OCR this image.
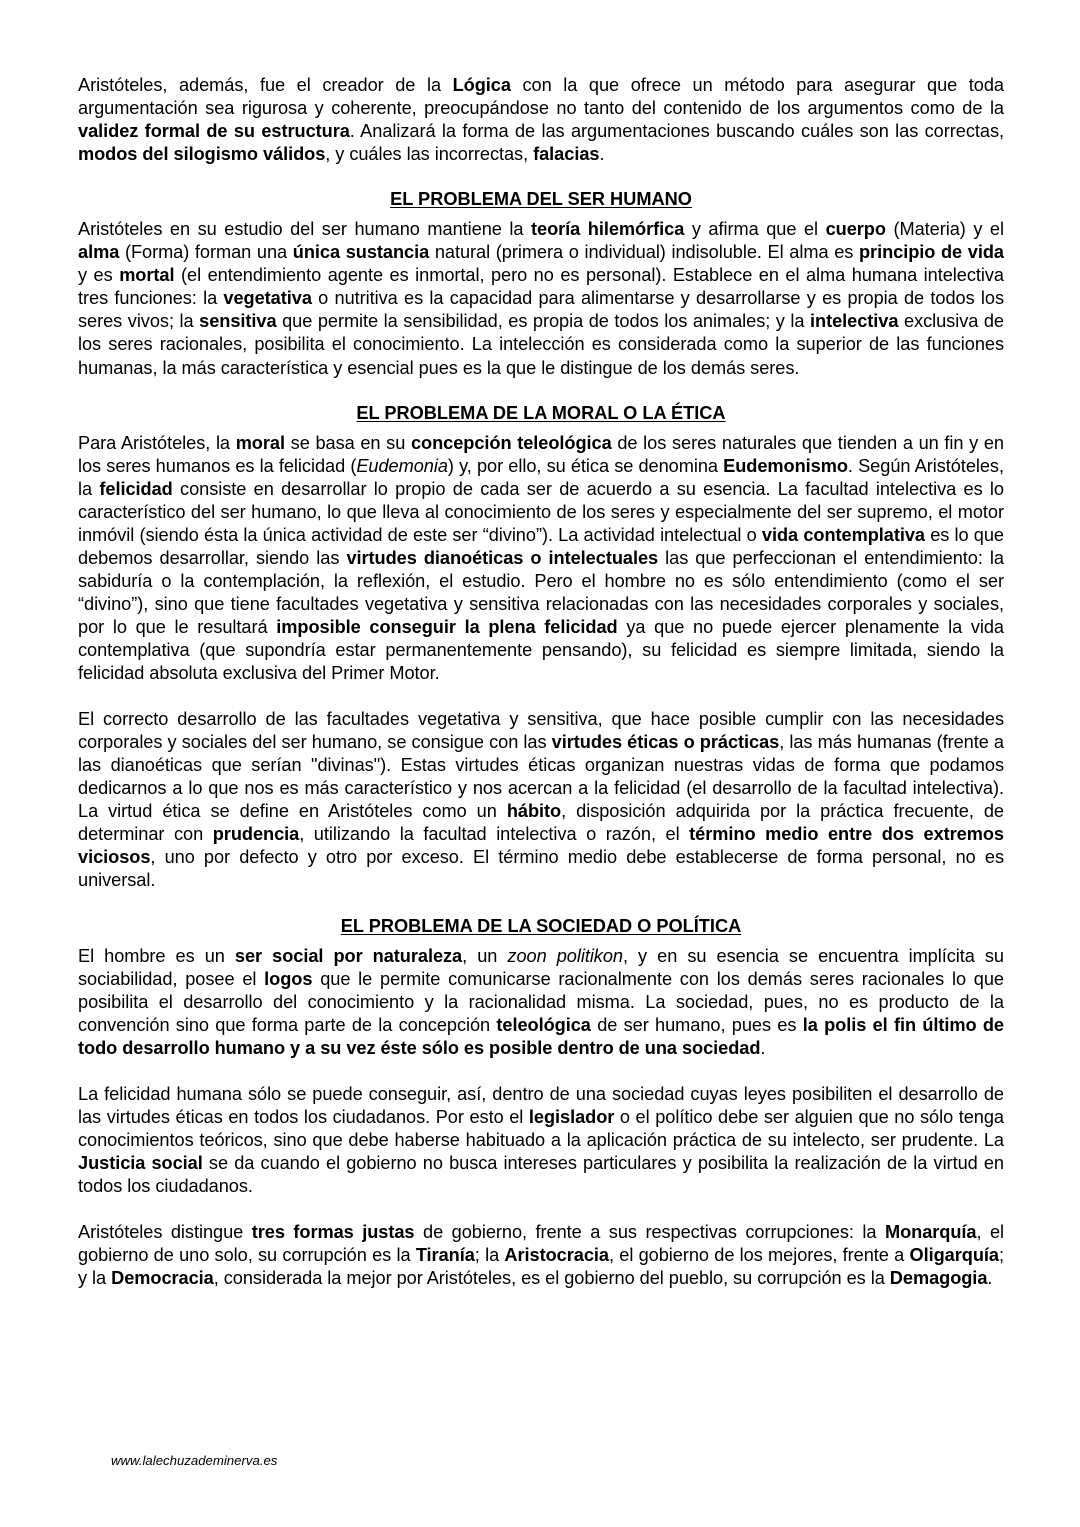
Aristóteles, además, fue el creador de la Lógica con la que ofrece un método para asegurar que toda argumentación sea rigurosa y coherente, preocupándose no tanto del contenido de los argumentos como de la validez formal de su estructura. Analizará la forma de las argumentaciones buscando cuáles son las correctas, modos del silogismo válidos, y cuáles las incorrectas, falacias.

EL PROBLEMA DEL SER HUMANO

Aristóteles en su estudio del ser humano mantiene la teoría hilemórfica y afirma que el cuerpo (Materia) y el alma (Forma) forman una única sustancia natural (primera o individual) indisoluble. El alma es principio de vida y es mortal (el entendimiento agente es inmortal, pero no es personal). Establece en el alma humana intelectiva tres funciones: la vegetativa o nutritiva es la capacidad para alimentarse y desarrollarse y es propia de todos los seres vivos; la sensitiva que permite la sensibilidad, es propia de todos los animales; y la intelectiva exclusiva de los seres racionales, posibilita el conocimiento. La intelección es considerada como la superior de las funciones humanas, la más característica y esencial pues es la que le distingue de los demás seres.

EL PROBLEMA DE LA MORAL O LA ÉTICA

Para Aristóteles, la moral se basa en su concepción teleológica de los seres naturales que tienden a un fin y en los seres humanos es la felicidad (Eudemonia) y, por ello, su ética se denomina Eudemonismo. Según Aristóteles, la felicidad consiste en desarrollar lo propio de cada ser de acuerdo a su esencia. La facultad intelectiva es lo característico del ser humano, lo que lleva al conocimiento de los seres y especialmente del ser supremo, el motor inmóvil (siendo ésta la única actividad de este ser “divino”). La actividad intelectual o vida contemplativa es lo que debemos desarrollar, siendo las virtudes dianoéticas o intelectuales las que perfeccionan el entendimiento: la sabiduría o la contemplación, la reflexión, el estudio. Pero el hombre no es sólo entendimiento (como el ser “divino”), sino que tiene facultades vegetativa y sensitiva relacionadas con las necesidades corporales y sociales, por lo que le resultará imposible conseguir la plena felicidad ya que no puede ejercer plenamente la vida contemplativa (que supondría estar permanentemente pensando), su felicidad es siempre limitada, siendo la felicidad absoluta exclusiva del Primer Motor.

El correcto desarrollo de las facultades vegetativa y sensitiva, que hace posible cumplir con las necesidades corporales y sociales del ser humano, se consigue con las virtudes éticas o prácticas, las más humanas (frente a las dianoéticas que serían "divinas"). Estas virtudes éticas organizan nuestras vidas de forma que podamos dedicarnos a lo que nos es más característico y nos acercan a la felicidad (el desarrollo de la facultad intelectiva). La virtud ética se define en Aristóteles como un hábito, disposición adquirida por la práctica frecuente, de determinar con prudencia, utilizando la facultad intelectiva o razón, el término medio entre dos extremos viciosos, uno por defecto y otro por exceso. El término medio debe establecerse de forma personal, no es universal.

EL PROBLEMA DE LA SOCIEDAD O POLÍTICA

El hombre es un ser social por naturaleza, un zoon politikon, y en su esencia se encuentra implícita su sociabilidad, posee el logos que le permite comunicarse racionalmente con los demás seres racionales lo que posibilita el desarrollo del conocimiento y la racionalidad misma. La sociedad, pues, no es producto de la convención sino que forma parte de la concepción teleológica de ser humano, pues es la polis el fin último de todo desarrollo humano y a su vez éste sólo es posible dentro de una sociedad.

La felicidad humana sólo se puede conseguir, así, dentro de una sociedad cuyas leyes posibiliten el desarrollo de las virtudes éticas en todos los ciudadanos. Por esto el legislador o el político debe ser alguien que no sólo tenga conocimientos teóricos, sino que debe haberse habituado a la aplicación práctica de su intelecto, ser prudente. La Justicia social se da cuando el gobierno no busca intereses particulares y posibilita la realización de la virtud en todos los ciudadanos.

Aristóteles distingue tres formas justas de gobierno, frente a sus respectivas corrupciones: la Monarquía, el gobierno de uno solo, su corrupción es la Tiranía; la Aristocracia, el gobierno de los mejores, frente a Oligarquía; y la Democracia, considerada la mejor por Aristóteles, es el gobierno del pueblo, su corrupción es la Demagogia.

www.lalechuzademinerva.es
